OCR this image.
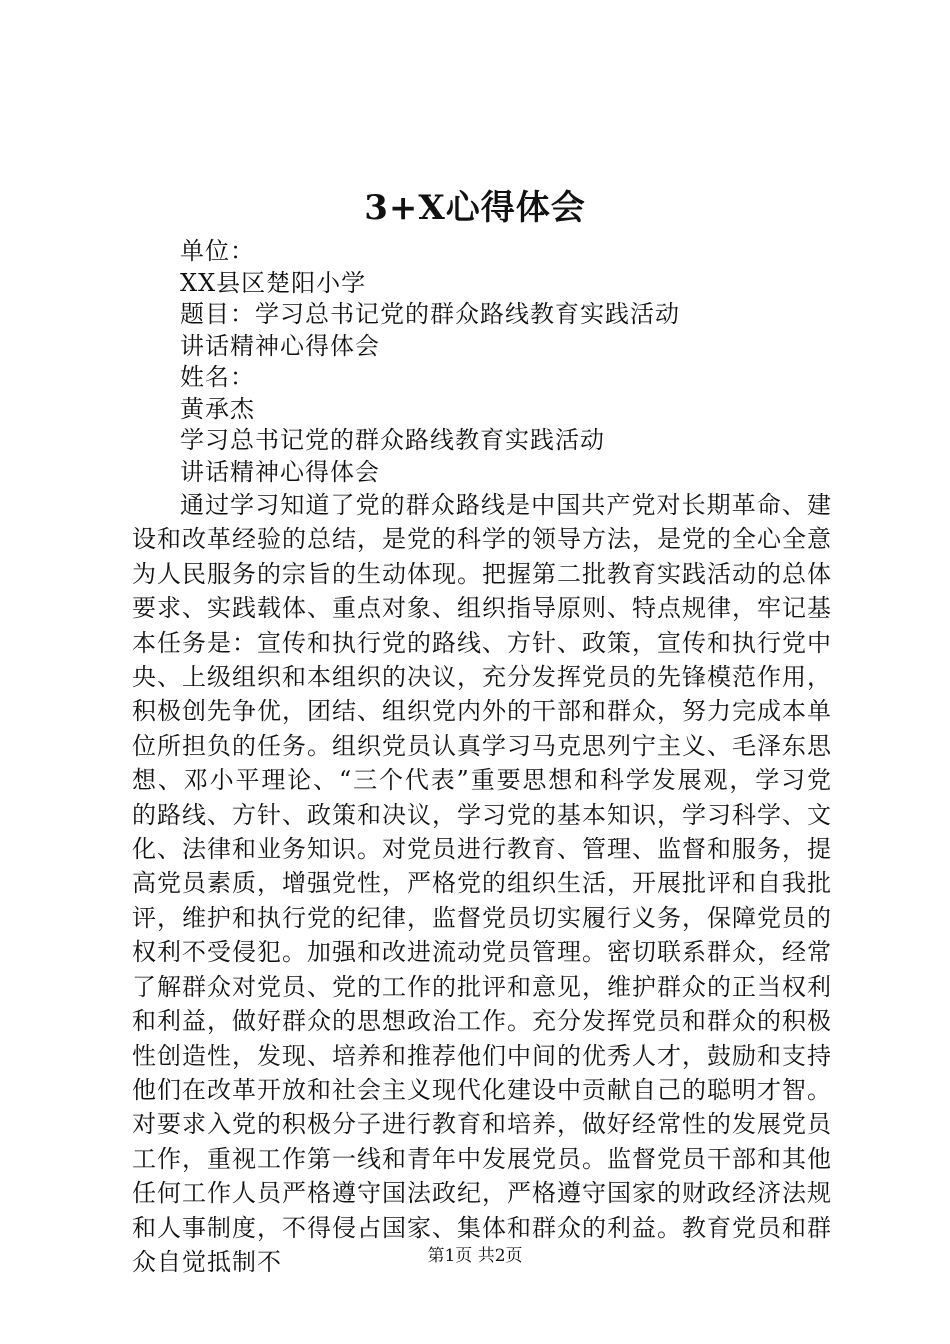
3+X心得体会
单位：
XX县区楚阳小学
题目：学习总书记党的群众路线教育实践活动
讲话精神心得体会
姓名：
黄承杰
学习总书记党的群众路线教育实践活动
讲话精神心得体会

通过学习知道了党的群众路线是中国共产党对长期革命、建设和改革经验的总结，是党的科学的领导方法，是党的全心全意为人民服务的宗旨的生动体现。把握第二批教育实践活动的总体要求、实践载体、重点对象、组织指导原则、特点规律，牢记基本任务是：宣传和执行党的路线、方针、政策，宣传和执行党中央、上级组织和本组织的决议，充分发挥党员的先锋模范作用，积极创先争优，团结、组织党内外的干部和群众，努力完成本单位所担负的任务。组织党员认真学习马克思列宁主义、毛泽东思想、邓小平理论、“三个代表”重要思想和科学发展观，学习党的路线、方针、政策和决议，学习党的基本知识，学习科学、文化、法律和业务知识。对党员进行教育、管理、监督和服务，提高党员素质，增强党性，严格党的组织生活，开展批评和自我批评，维护和执行党的纪律，监督党员切实履行义务，保障党员的权利不受侵犯。加强和改进流动党员管理。密切联系群众，经常了解群众对党员、党的工作的批评和意见，维护群众的正当权利和利益，做好群众的思想政治工作。充分发挥党员和群众的积极性创造性，发现、培养和推荐他们中间的优秀人才，鼓励和支持他们在改革开放和社会主义现代化建设中贡献自己的聪明才智。对要求入党的积极分子进行教育和培养，做好经常性的发展党员工作，重视工作第一线和青年中发展党员。监督党员干部和其他任何工作人员严格遵守国法政纪，严格遵守国家的财政经济法规和人事制度，不得侵占国家、集体和群众的利益。教育党员和群众自觉抵制不	第1页 共2页
